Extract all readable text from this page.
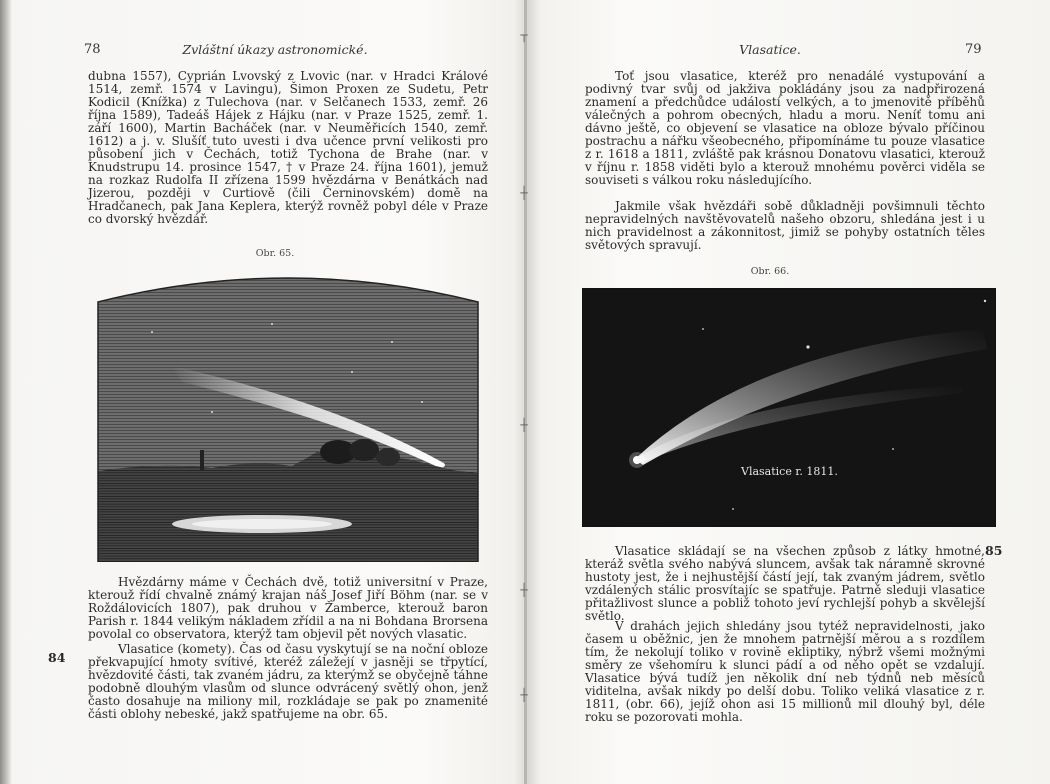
┬
┼
┼
┼
┼
78	Zvláštní úkazy astronomické.
dubna 1557), Cyprián Lvovský z Lvovic (nar. v Hradci Králové 1514, zemř. 1574 v Lavingu), Šimon Proxen ze Sudetu, Petr Kodicil (Knížka) z Tulechova (nar. v Selčanech 1533, zemř. 26 října 1589), Tadeáš Hájek z Hájku (nar. v Praze 1525, zemř. 1. září 1600), Martin Bacháček (nar. v Neuměřicích 1540, zemř. 1612) a j. v. Slušíť tuto uvesti i dva učence první velikosti pro působení jich v Čechách, totiž Tychona de Brahe (nar. v Knudstrupu 14. prosince 1547, † v Praze 24. října 1601), jemuž na rozkaz Rudolfa II zřízena 1599 hvězdárna v Benátkách nad Jizerou, později v Curtiově (čili Černinovském) domě na Hradčanech, pak Jana Keplera, kterýž rovněž pobyl déle v Praze co dvorský hvězdář.
Obr. 65.
Hvězdárny máme v Čechách dvě, totiž universitní v Praze, kterouž řídí chvalně známý krajan náš Josef Jiří Böhm (nar. se v Roždálovicích 1807), pak druhou v Žamberce, kterouž baron Parish r. 1844 velikým nákladem zřídil a na ni Bohdana Brorsena povolal co observatora, kterýž tam objevil pět nových vlasatic.
84
Vlasatice (komety). Čas od času vyskytují se na noční obloze překvapující hmoty svítivé, kteréž záležejí v jasněji se třpytící, hvězdovité části, tak zvaném jádru, za kterýmž se obyčejně táhne podobně dlouhým vlasům od slunce odvrácený světlý ohon, jenž často dosahuje na miliony mil, rozkládaje se pak po znamenité části oblohy nebeské, jakž spatřujeme na obr. 65.
Vlasatice.	79
Toť jsou vlasatice, kteréž pro nenadálé vystupování a podivný tvar svůj od jakživa pokládány jsou za nadpřirozená znamení a předchůdce událostí velkých, a to jmenovitě příběhů válečných a pohrom obecných, hladu a moru. Neníť tomu ani dávno ještě, co objevení se vlasatice na obloze bývalo příčinou postrachu a nářku všeobecného, připomínáme tu pouze vlasatice z r. 1618 a 1811, zvláště pak krásnou Donatovu vlasatici, kterouž v říjnu r. 1858 viděti bylo a kterouž mnohému pověrci viděla se souviseti s válkou roku následujícího.
Jakmile však hvězdáři sobě důkladněji povšimnuli těchto nepravidelných navštěvovatelů našeho obzoru, shledána jest i u nich pravidelnost a zákonnitost, jimiž se pohyby ostatních těles světových spravují.
Obr. 66.
Vlasatice r. 1811.
Vlasatice skládají se na všechen způsob z látky hmotné, kteráž světla svého nabývá sluncem, avšak tak náramně skrovné hustoty jest, že i nejhustější částí její, tak zvaným jádrem, světlo vzdálených stálic prosvítajíc se spatřuje. Patrně sleduji vlasatice přitažlivost slunce a pobliž tohoto jeví rychlejší pohyb a skvělejší světlo.
85
V drahách jejich shledány jsou tytéž nepravidelnosti, jako časem u oběžnic, jen že mnohem patrnější měrou a s rozdílem tím, že nekolují toliko v rovině ekliptiky, nýbrž všemi možnými směry ze všehomíru k slunci pádí a od něho opět se vzdalují. Vlasatice bývá tudíž jen několik dní neb týdnů neb měsíců viditelna, avšak nikdy po delší dobu. Toliko veliká vlasatice z r. 1811, (obr. 66), jejíž ohon asi 15 millionů mil dlouhý byl, déle roku se pozorovati mohla.
